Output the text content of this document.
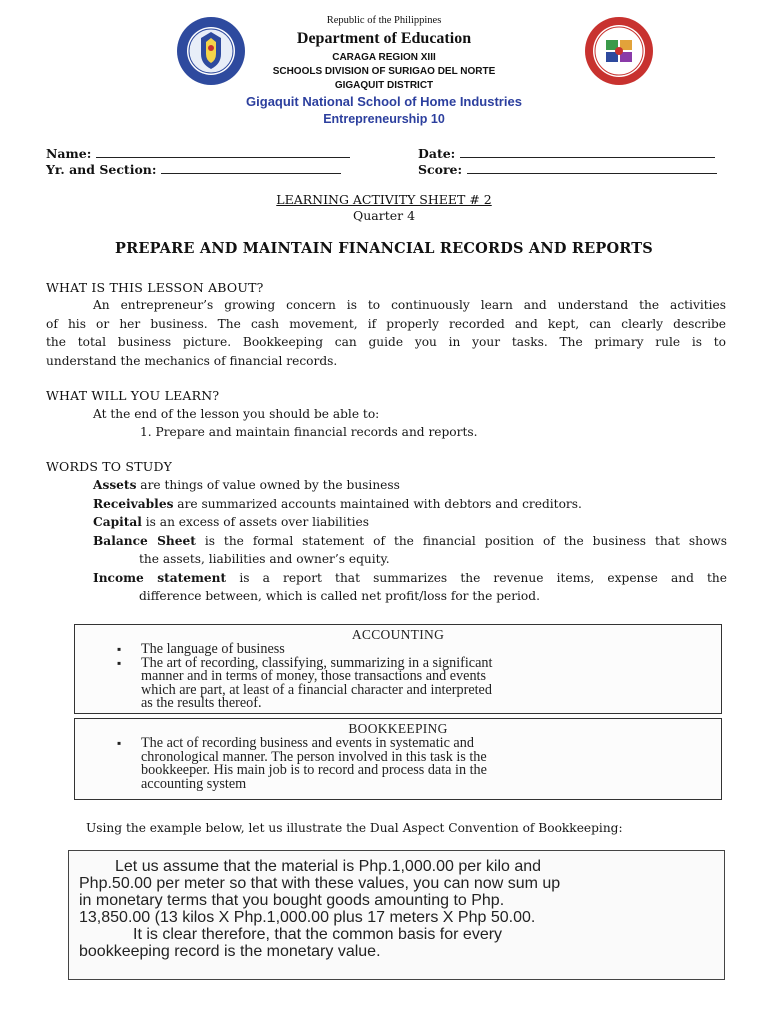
Republic of the Philippines
Department of Education
CARAGA REGION XIII
SCHOOLS DIVISION OF SURIGAO DEL NORTE
GIGAQUIT DISTRICT
Gigaquit National School of Home Industries
Entrepreneurship 10
Name:	Date:
Yr. and Section:	Score:
LEARNING ACTIVITY SHEET # 2
Quarter 4
PREPARE AND MAINTAIN FINANCIAL RECORDS AND REPORTS
WHAT IS THIS LESSON ABOUT?
An entrepreneur’s growing concern is to continuously learn and understand the activities
of his or her business. The cash movement, if properly recorded and kept, can clearly describe
the total business picture. Bookkeeping can guide you in your tasks. The primary rule is to
understand the mechanics of financial records.
WHAT WILL YOU LEARN?
At the end of the lesson you should be able to:
1. Prepare and maintain financial records and reports.
WORDS TO STUDY
Assets are things of value owned by the business
Receivables are summarized accounts maintained with debtors and creditors.
Capital is an excess of assets over liabilities
Balance Sheet is the formal statement of the financial position of the business that shows
the assets, liabilities and owner’s equity.
Income statement is a report that summarizes the revenue items, expense and the
difference between, which is called net profit/loss for the period.
ACCOUNTING
▪ The language of business
▪ The art of recording, classifying, summarizing in a significant
manner and in terms of money, those transactions and events
which are part, at least of a financial character and interpreted
as the results thereof.
BOOKKEEPING
▪ The act of recording business and events in systematic and
chronological manner. The person involved in this task is the
bookkeeper. His main job is to record and process data in the
accounting system
Using the example below, let us illustrate the Dual Aspect Convention of Bookkeeping:
Let us assume that the material is Php.1,000.00 per kilo and
Php.50.00 per meter so that with these values, you can now sum up
in monetary terms that you bought goods amounting to Php.
13,850.00 (13 kilos X Php.1,000.00 plus 17 meters X Php 50.00.
It is clear therefore, that the common basis for every
bookkeeping record is the monetary value.
